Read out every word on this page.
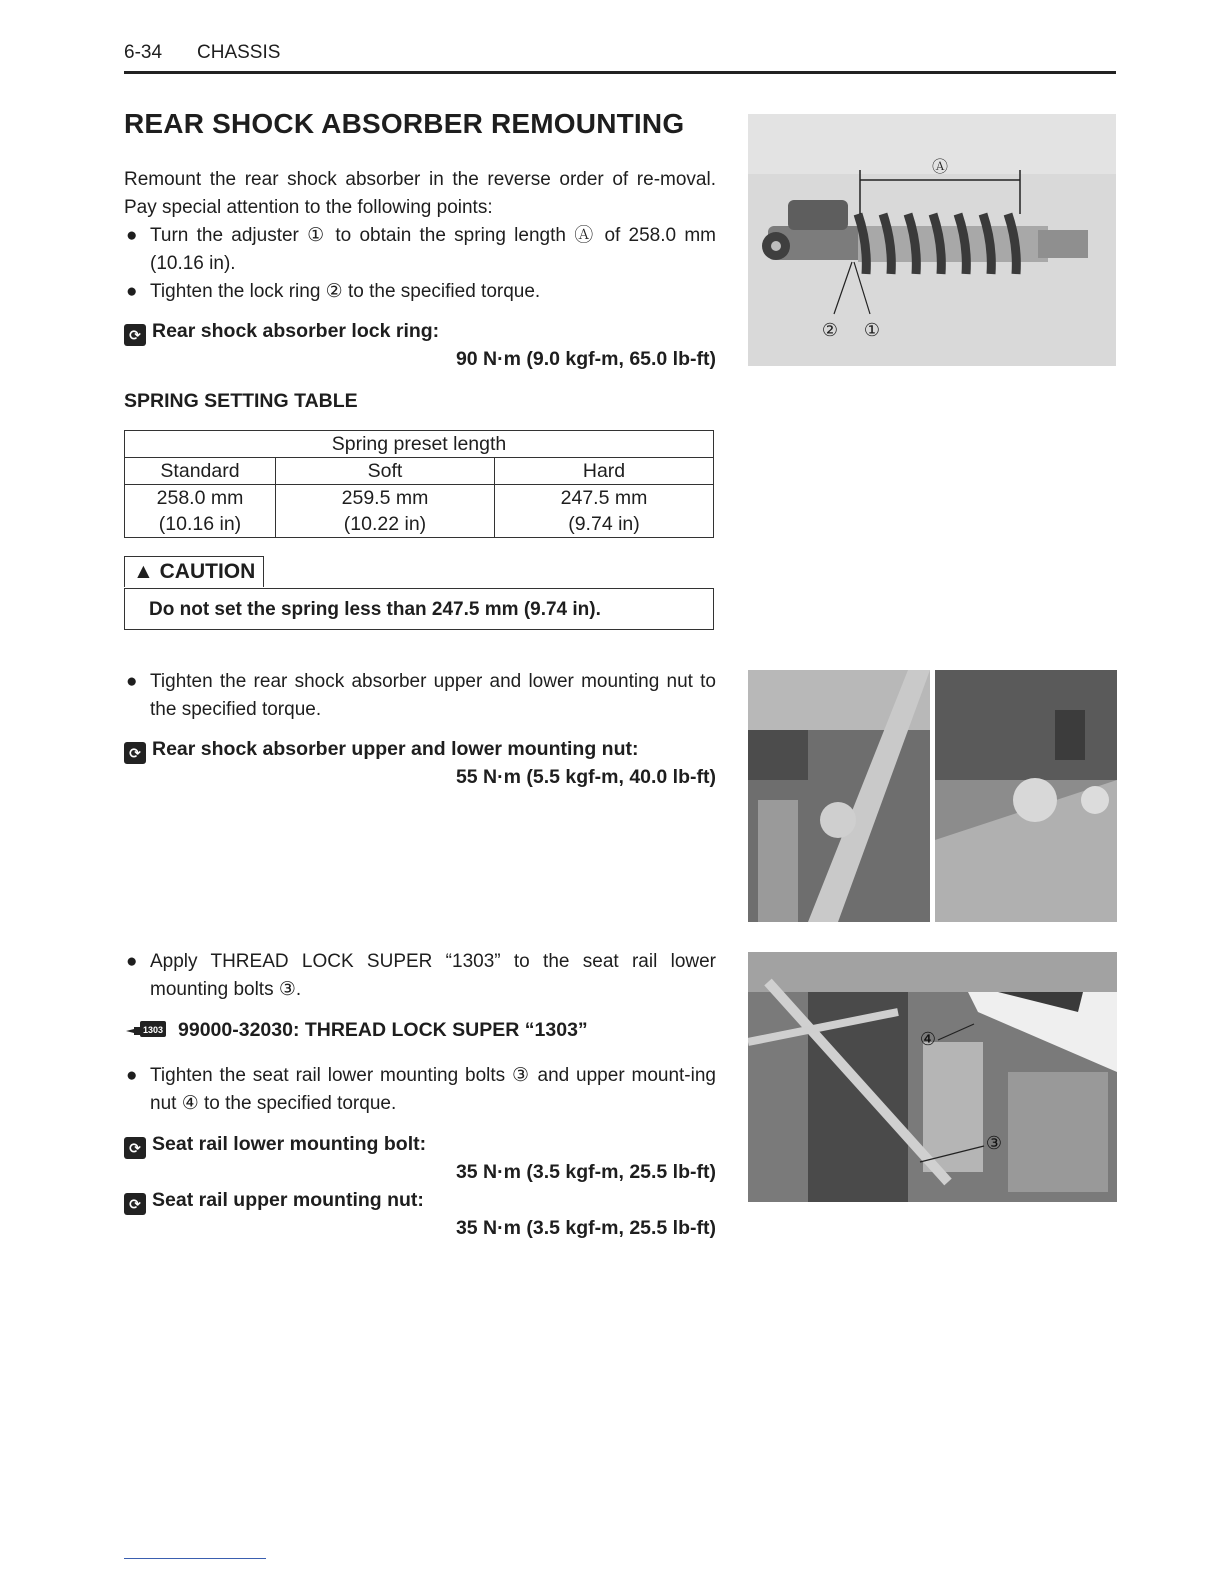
6-34 CHASSIS
REAR SHOCK ABSORBER REMOUNTING
Remount the rear shock absorber in the reverse order of re-moval. Pay special attention to the following points:
● Turn the adjuster ① to obtain the spring length Ⓐ of 258.0 mm (10.16 in).
● Tighten the lock ring ② to the specified torque.
⟳ Rear shock absorber lock ring:
90 N·m (9.0 kgf-m, 65.0 lb-ft)
SPRING SETTING TABLE
Spring preset length		
Standard	Soft	Hard
258.0 mm	259.5 mm	247.5 mm
(10.16 in)	(10.22 in)	(9.74 in)
▲ CAUTION
Do not set the spring less than 247.5 mm (9.74 in).
● Tighten the rear shock absorber upper and lower mounting nut to the specified torque.
⟳ Rear shock absorber upper and lower mounting nut:
55 N·m (5.5 kgf-m, 40.0 lb-ft)
● Apply THREAD LOCK SUPER “1303” to the seat rail lower mounting bolts ③.
1303 99000-32030: THREAD LOCK SUPER “1303”
● Tighten the seat rail lower mounting bolts ③ and upper mount-ing nut ④ to the specified torque.
⟳ Seat rail lower mounting bolt:
35 N·m (3.5 kgf-m, 25.5 lb-ft)
⟳ Seat rail upper mounting nut:
35 N·m (3.5 kgf-m, 25.5 lb-ft)
Ⓐ
② ①
④
③
